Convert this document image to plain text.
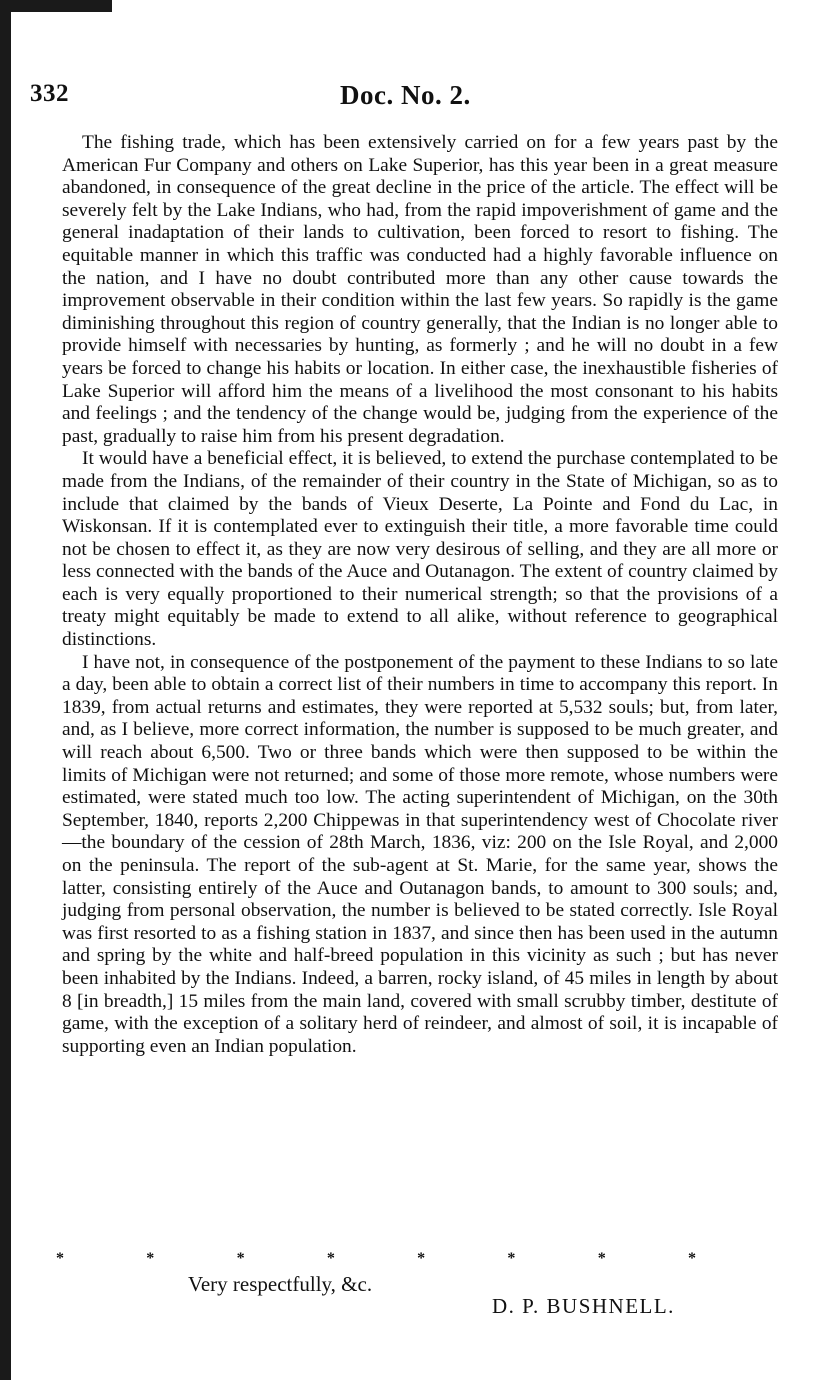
332	Doc. No. 2.

The fishing trade, which has been extensively carried on for a few years past by the American Fur Company and others on Lake Superior, has this year been in a great measure abandoned, in consequence of the great decline in the price of the article. The effect will be severely felt by the Lake Indians, who had, from the rapid impoverishment of game and the general inadaptation of their lands to cultivation, been forced to resort to fishing. The equitable manner in which this traffic was conducted had a highly favorable influence on the nation, and I have no doubt contributed more than any other cause towards the improvement observable in their condition within the last few years. So rapidly is the game diminishing throughout this region of country generally, that the Indian is no longer able to provide himself with necessaries by hunting, as formerly ; and he will no doubt in a few years be forced to change his habits or location. In either case, the inexhaustible fisheries of Lake Superior will afford him the means of a livelihood the most consonant to his habits and feelings ; and the tendency of the change would be, judging from the experience of the past, gradually to raise him from his present degradation.

It would have a beneficial effect, it is believed, to extend the purchase contemplated to be made from the Indians, of the remainder of their country in the State of Michigan, so as to include that claimed by the bands of Vieux Deserte, La Pointe and Fond du Lac, in Wiskonsan. If it is contemplated ever to extinguish their title, a more favorable time could not be chosen to effect it, as they are now very desirous of selling, and they are all more or less connected with the bands of the Auce and Outanagon. The extent of country claimed by each is very equally proportioned to their numerical strength; so that the provisions of a treaty might equitably be made to extend to all alike, without reference to geographical distinctions.

I have not, in consequence of the postponement of the payment to these Indians to so late a day, been able to obtain a correct list of their numbers in time to accompany this report. In 1839, from actual returns and estimates, they were reported at 5,532 souls; but, from later, and, as I believe, more correct information, the number is supposed to be much greater, and will reach about 6,500. Two or three bands which were then supposed to be within the limits of Michigan were not returned; and some of those more remote, whose numbers were estimated, were stated much too low. The acting superintendent of Michigan, on the 30th September, 1840, reports 2,200 Chippewas in that superintendency west of Chocolate river—the boundary of the cession of 28th March, 1836, viz: 200 on the Isle Royal, and 2,000 on the peninsula. The report of the sub-agent at St. Marie, for the same year, shows the latter, consisting entirely of the Auce and Outanagon bands, to amount to 300 souls; and, judging from personal observation, the number is believed to be stated correctly. Isle Royal was first resorted to as a fishing station in 1837, and since then has been used in the autumn and spring by the white and half-breed population in this vicinity as such ; but has never been inhabited by the Indians. Indeed, a barren, rocky island, of 45 miles in length by about 8 [in breadth,] 15 miles from the main land, covered with small scrubby timber, destitute of game, with the exception of a solitary herd of reindeer, and almost of soil, it is incapable of supporting even an Indian population.

*	*	*	*	*	*	*	*
Very respectfully, &c.
D. P. BUSHNELL.
